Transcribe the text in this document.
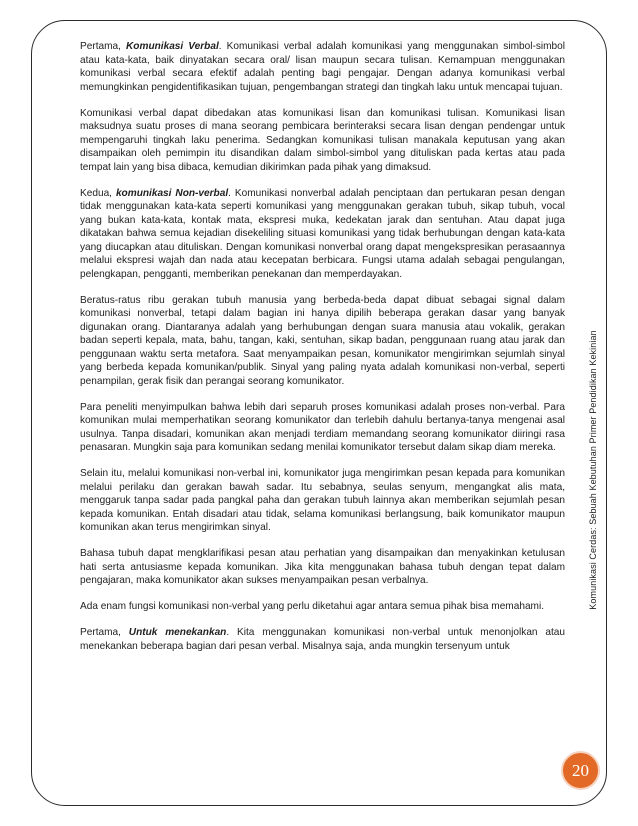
Pertama, Komunikasi Verbal. Komunikasi verbal adalah komunikasi yang menggunakan simbol-simbol atau kata-kata, baik dinyatakan secara oral/ lisan maupun secara tulisan. Kemampuan menggunakan komunikasi verbal secara efektif adalah penting bagi pengajar. Dengan adanya komunikasi verbal memungkinkan pengidentifikasikan tujuan, pengembangan strategi dan tingkah laku untuk mencapai tujuan.

Komunikasi verbal dapat dibedakan atas komunikasi lisan dan komunikasi tulisan. Komunikasi lisan maksudnya suatu proses di mana seorang pembicara berinteraksi secara lisan dengan pendengar untuk mempengaruhi tingkah laku penerima. Sedangkan komunikasi tulisan manakala keputusan yang akan disampaikan oleh pemimpin itu disandikan dalam simbol-simbol yang dituliskan pada kertas atau pada tempat lain yang bisa dibaca, kemudian dikirimkan pada pihak yang dimaksud.

Kedua, komunikasi Non-verbal. Komunikasi nonverbal adalah penciptaan dan pertukaran pesan dengan tidak menggunakan kata-kata seperti komunikasi yang menggunakan gerakan tubuh, sikap tubuh, vocal yang bukan kata-kata, kontak mata, ekspresi muka, kedekatan jarak dan sentuhan. Atau dapat juga dikatakan bahwa semua kejadian disekeliling situasi komunikasi yang tidak berhubungan dengan kata-kata yang diucapkan atau dituliskan. Dengan komunikasi nonverbal orang dapat mengekspresikan perasaannya melalui ekspresi wajah dan nada atau kecepatan berbicara. Fungsi utama adalah sebagai pengulangan, pelengkapan, pengganti, memberikan penekanan dan memperdayakan.

Beratus-ratus ribu gerakan tubuh manusia yang berbeda-beda dapat dibuat sebagai signal dalam komunikasi nonverbal, tetapi dalam bagian ini hanya dipilih beberapa gerakan dasar yang banyak digunakan orang. Diantaranya adalah yang berhubungan dengan suara manusia atau vokalik, gerakan badan seperti kepala, mata, bahu, tangan, kaki, sentuhan, sikap badan, penggunaan ruang atau jarak dan penggunaan waktu serta metafora. Saat menyampaikan pesan, komunikator mengirimkan sejumlah sinyal yang berbeda kepada komunikan/publik. Sinyal yang paling nyata adalah komunikasi non-verbal, seperti penampilan, gerak fisik dan perangai seorang komunikator.

Para peneliti menyimpulkan bahwa lebih dari separuh proses komunikasi adalah proses non-verbal. Para komunikan mulai memperhatikan seorang komunikator dan terlebih dahulu bertanya-tanya mengenai asal usulnya. Tanpa disadari, komunikan akan menjadi terdiam memandang seorang komunikator diiringi rasa penasaran. Mungkin saja para komunikan sedang menilai komunikator tersebut dalam sikap diam mereka.

Selain itu, melalui komunikasi non-verbal ini, komunikator juga mengirimkan pesan kepada para komunikan melalui perilaku dan gerakan bawah sadar. Itu sebabnya, seulas senyum, mengangkat alis mata, menggaruk tanpa sadar pada pangkal paha dan gerakan tubuh lainnya akan memberikan sejumlah pesan kepada komunikan. Entah disadari atau tidak, selama komunikasi berlangsung, baik komunikator maupun komunikan akan terus mengirimkan sinyal.

Bahasa tubuh dapat mengklarifikasi pesan atau perhatian yang disampaikan dan menyakinkan ketulusan hati serta antusiasme kepada komunikan. Jika kita menggunakan bahasa tubuh dengan tepat dalam pengajaran, maka komunikator akan sukses menyampaikan pesan verbalnya.

Ada enam fungsi komunikasi non-verbal yang perlu diketahui agar antara semua pihak bisa memahami.

Pertama, Untuk menekankan. Kita menggunakan komunikasi non-verbal untuk menonjolkan atau menekankan beberapa bagian dari pesan verbal. Misalnya saja, anda mungkin tersenyum untuk

Komunikasi Cerdas: Sebuah Kebutuhan Primer Pendidikan Kekinian
20
